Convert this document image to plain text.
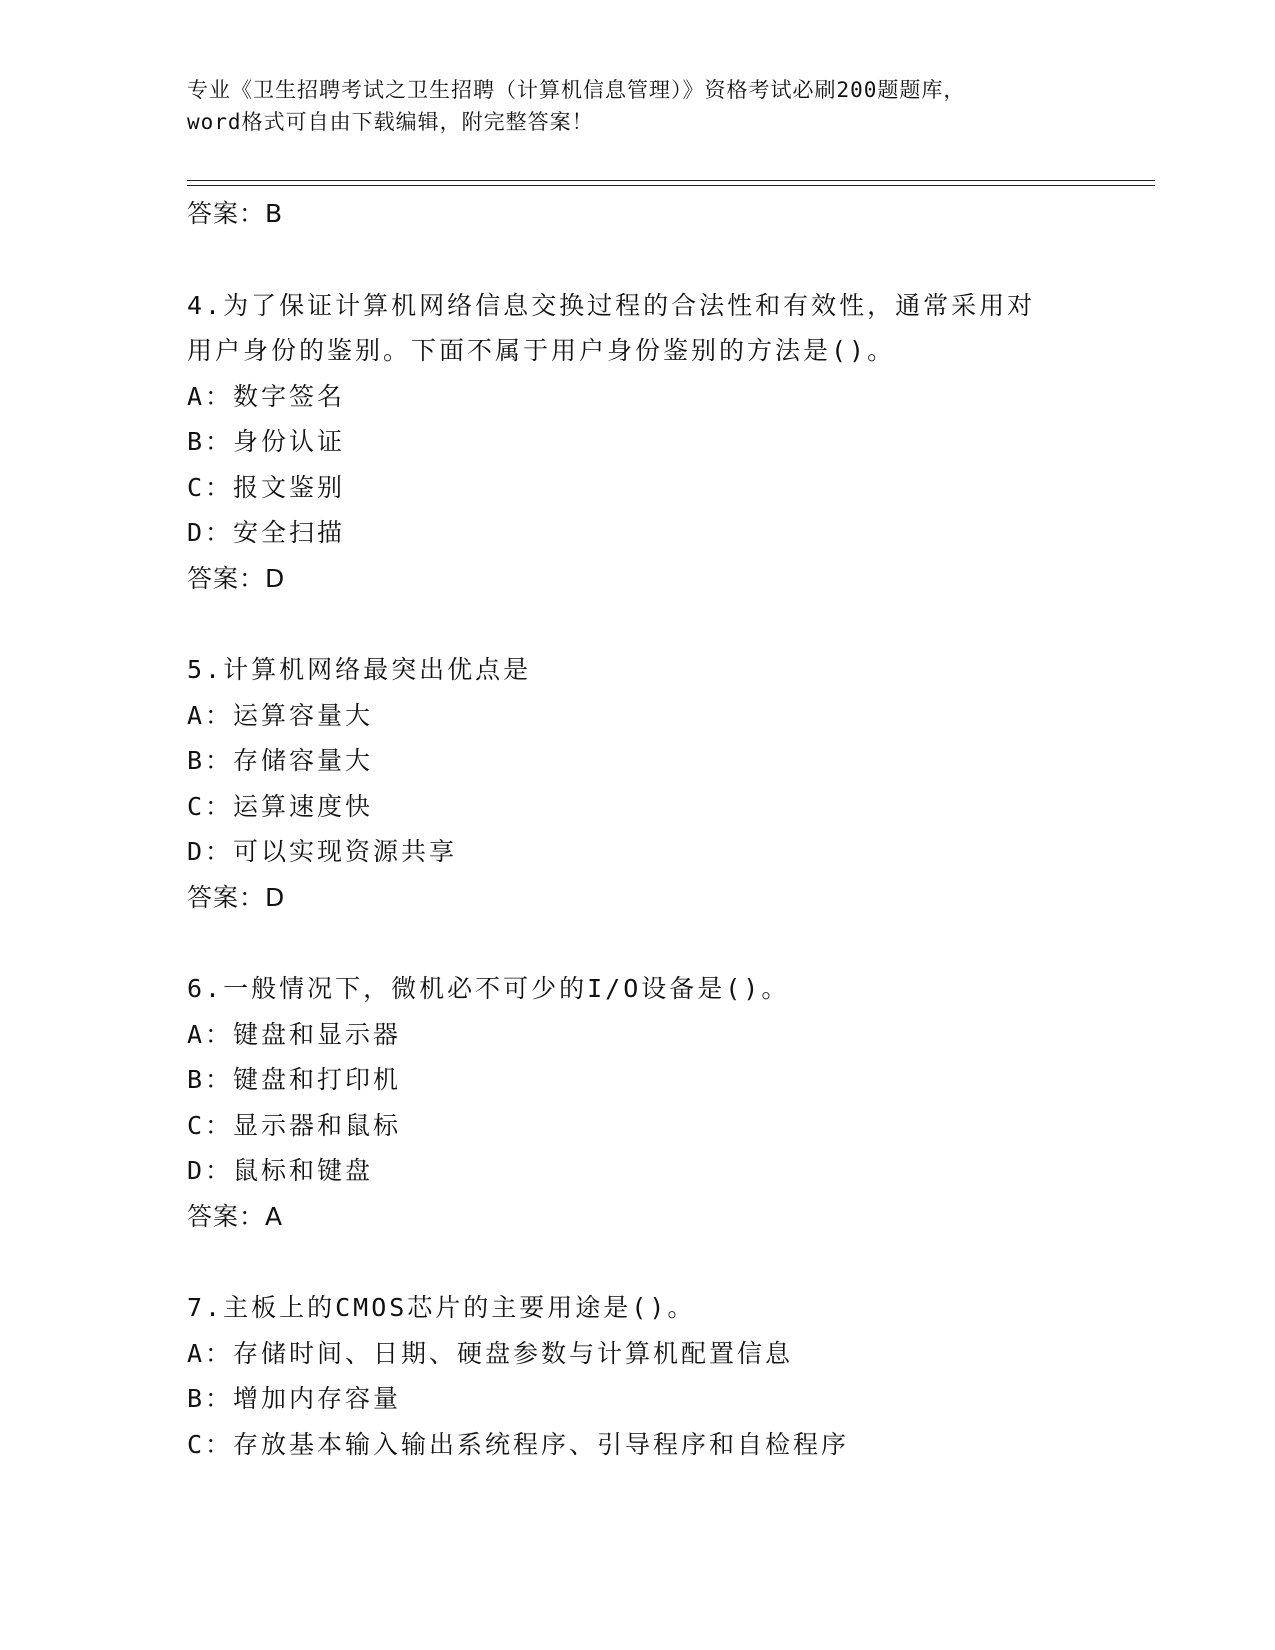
专业《卫生招聘考试之卫生招聘（计算机信息管理）》资格考试必刷200题题库，
word格式可自由下载编辑，附完整答案！
答案：B
4.为了保证计算机网络信息交换过程的合法性和有效性，通常采用对
用户身份的鉴别。下面不属于用户身份鉴别的方法是()。
A：数字签名
B：身份认证
C：报文鉴别
D：安全扫描
答案：D
5.计算机网络最突出优点是
A：运算容量大
B：存储容量大
C：运算速度快
D：可以实现资源共享
答案：D
6.一般情况下，微机必不可少的I/O设备是()。
A：键盘和显示器
B：键盘和打印机
C：显示器和鼠标
D：鼠标和键盘
答案：A
7.主板上的CMOS芯片的主要用途是()。
A：存储时间、日期、硬盘参数与计算机配置信息
B：增加内存容量
C：存放基本输入输出系统程序、引导程序和自检程序
